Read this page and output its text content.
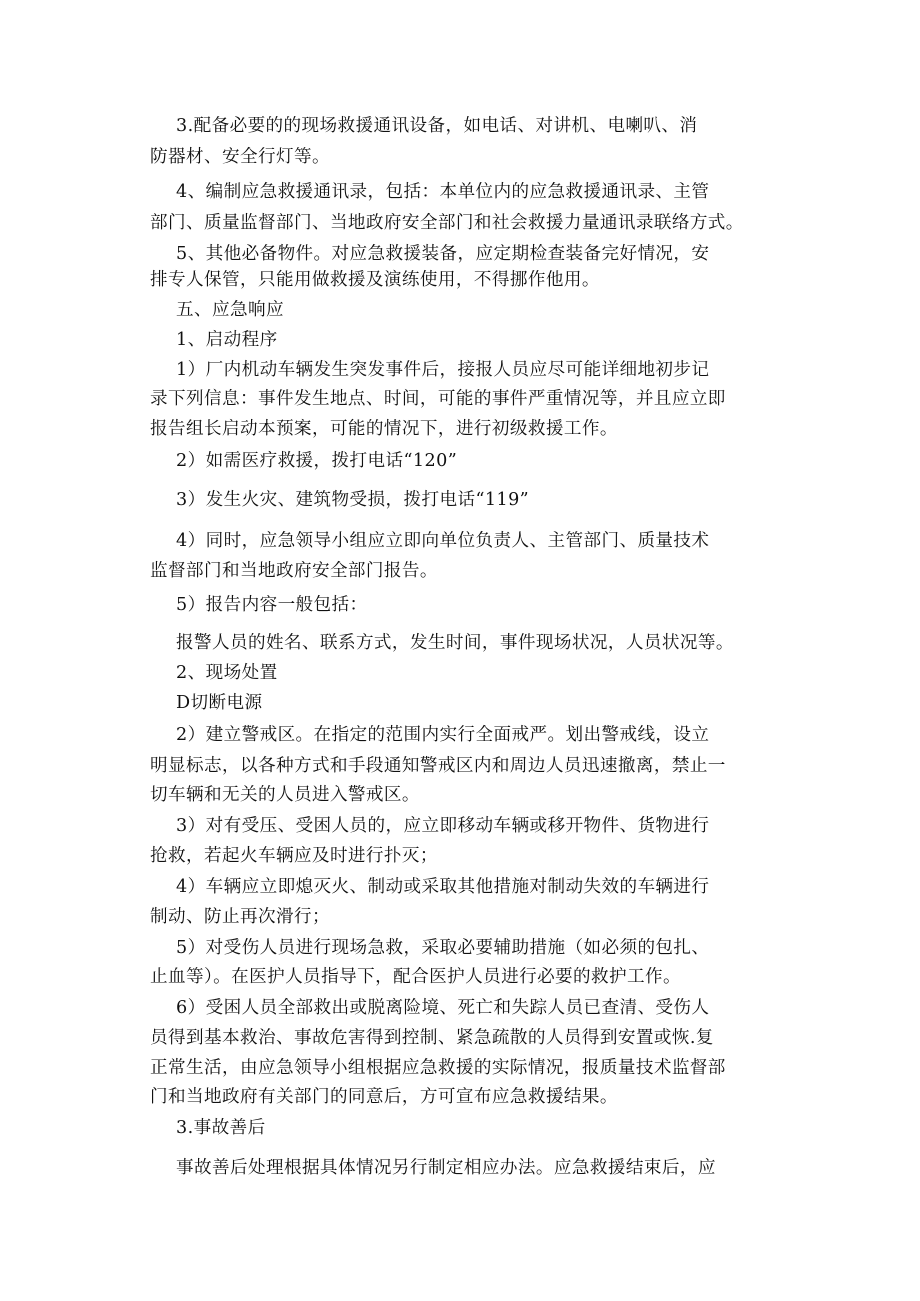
3.配备必要的的现场救援通讯设备，如电话、对讲机、电喇叭、消
防器材、安全行灯等。
4、编制应急救援通讯录，包括：本单位内的应急救援通讯录、主管
部门、质量监督部门、当地政府安全部门和社会救援力量通讯录联络方式。
5、其他必备物件。对应急救援装备，应定期检查装备完好情况，安
排专人保管，只能用做救援及演练使用，不得挪作他用。
五、应急响应
1、启动程序
1）厂内机动车辆发生突发事件后，接报人员应尽可能详细地初步记
录下列信息：事件发生地点、时间，可能的事件严重情况等，并且应立即
报告组长启动本预案，可能的情况下，进行初级救援工作。
2）如需医疗救援，拨打电话“120”
3）发生火灾、建筑物受损，拨打电话“119”
4）同时，应急领导小组应立即向单位负责人、主管部门、质量技术
监督部门和当地政府安全部门报告。
5）报告内容一般包括：
报警人员的姓名、联系方式，发生时间，事件现场状况，人员状况等。
2、现场处置
D切断电源
2）建立警戒区。在指定的范围内实行全面戒严。划出警戒线，设立
明显标志，以各种方式和手段通知警戒区内和周边人员迅速撤离，禁止一
切车辆和无关的人员进入警戒区。
3）对有受压、受困人员的，应立即移动车辆或移开物件、货物进行
抢救，若起火车辆应及时进行扑灭；
4）车辆应立即熄灭火、制动或采取其他措施对制动失效的车辆进行
制动、防止再次滑行；
5）对受伤人员进行现场急救，采取必要辅助措施（如必须的包扎、
止血等）。在医护人员指导下，配合医护人员进行必要的救护工作。
6）受困人员全部救出或脱离险境、死亡和失踪人员已查清、受伤人
员得到基本救治、事故危害得到控制、紧急疏散的人员得到安置或恢.复
正常生活，由应急领导小组根据应急救援的实际情况，报质量技术监督部
门和当地政府有关部门的同意后，方可宣布应急救援结果。
3.事故善后
事故善后处理根据具体情况另行制定相应办法。应急救援结束后，应
